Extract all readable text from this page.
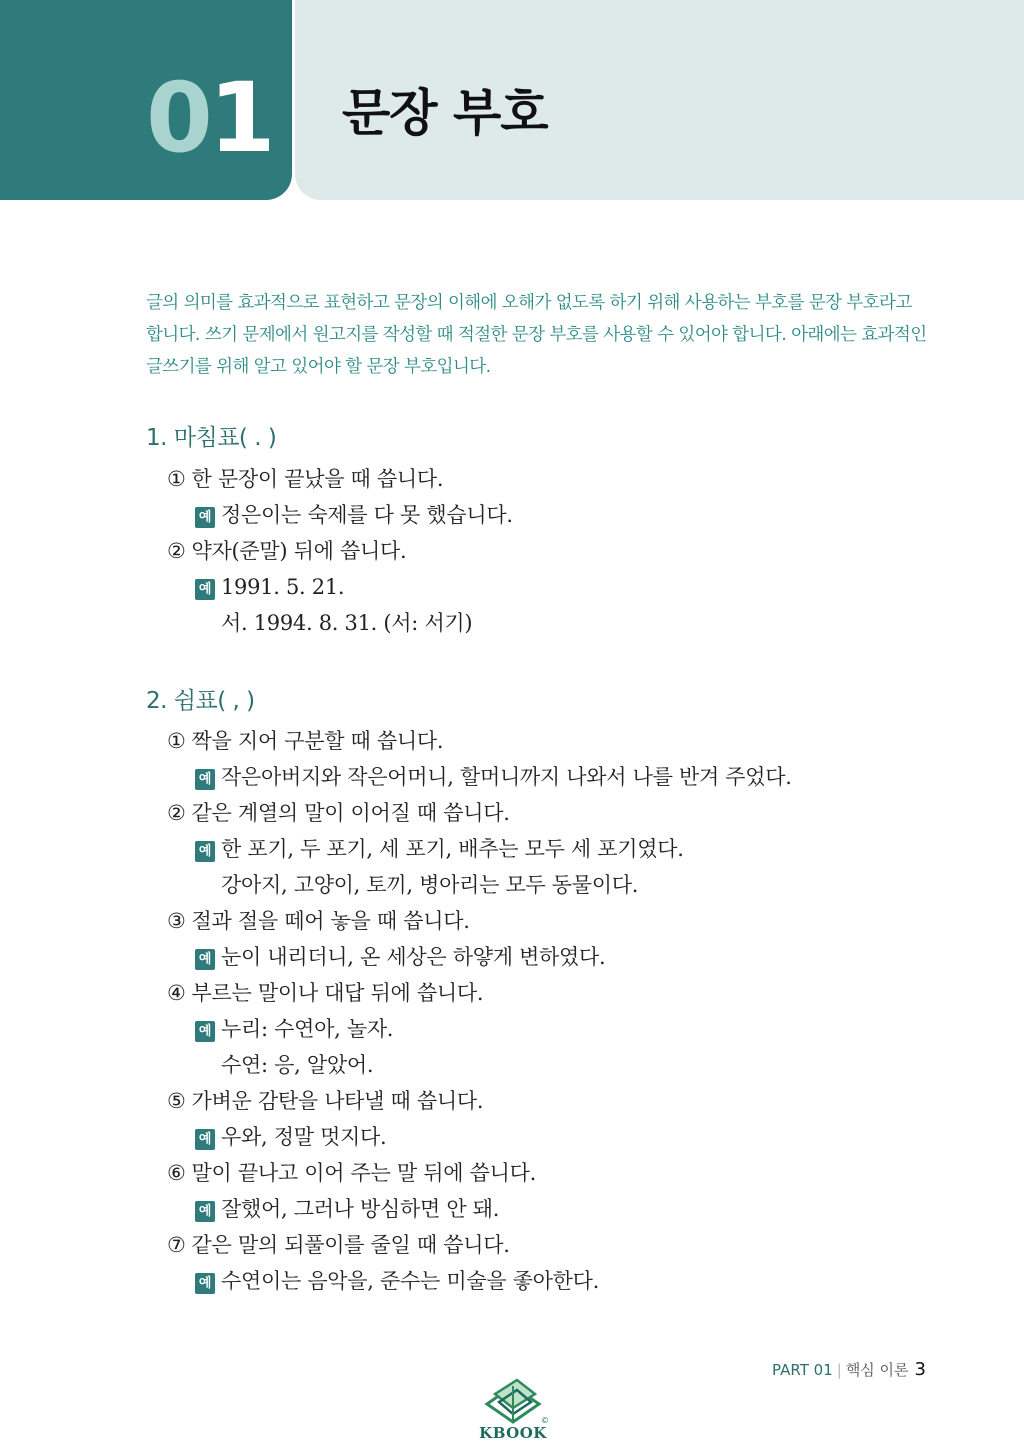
01 문장 부호
글의 의미를 효과적으로 표현하고 문장의 이해에 오해가 없도록 하기 위해 사용하는 부호를 문장 부호라고
합니다. 쓰기 문제에서 원고지를 작성할 때 적절한 문장 부호를 사용할 수 있어야 합니다. 아래에는 효과적인
글쓰기를 위해 알고 있어야 할 문장 부호입니다.
1. 마침표( . )
① 한 문장이 끝났을 때 씁니다.
예 정은이는 숙제를 다 못 했습니다.
② 약자(준말) 뒤에 씁니다.
예 1991. 5. 21.
서. 1994. 8. 31. (서: 서기)
2. 쉼표( , )
① 짝을 지어 구분할 때 씁니다.
예 작은아버지와 작은어머니, 할머니까지 나와서 나를 반겨 주었다.
② 같은 계열의 말이 이어질 때 씁니다.
예 한 포기, 두 포기, 세 포기, 배추는 모두 세 포기였다.
강아지, 고양이, 토끼, 병아리는 모두 동물이다.
③ 절과 절을 떼어 놓을 때 씁니다.
예 눈이 내리더니, 온 세상은 하얗게 변하였다.
④ 부르는 말이나 대답 뒤에 씁니다.
예 누리: 수연아, 놀자.
수연: 응, 알았어.
⑤ 가벼운 감탄을 나타낼 때 씁니다.
예 우와, 정말 멋지다.
⑥ 말이 끝나고 이어 주는 말 뒤에 씁니다.
예 잘했어, 그러나 방심하면 안 돼.
⑦ 같은 말의 되풀이를 줄일 때 씁니다.
예 수연이는 음악을, 준수는 미술을 좋아한다.
PART 01 | 핵심 이론 3
©
KBOOK
